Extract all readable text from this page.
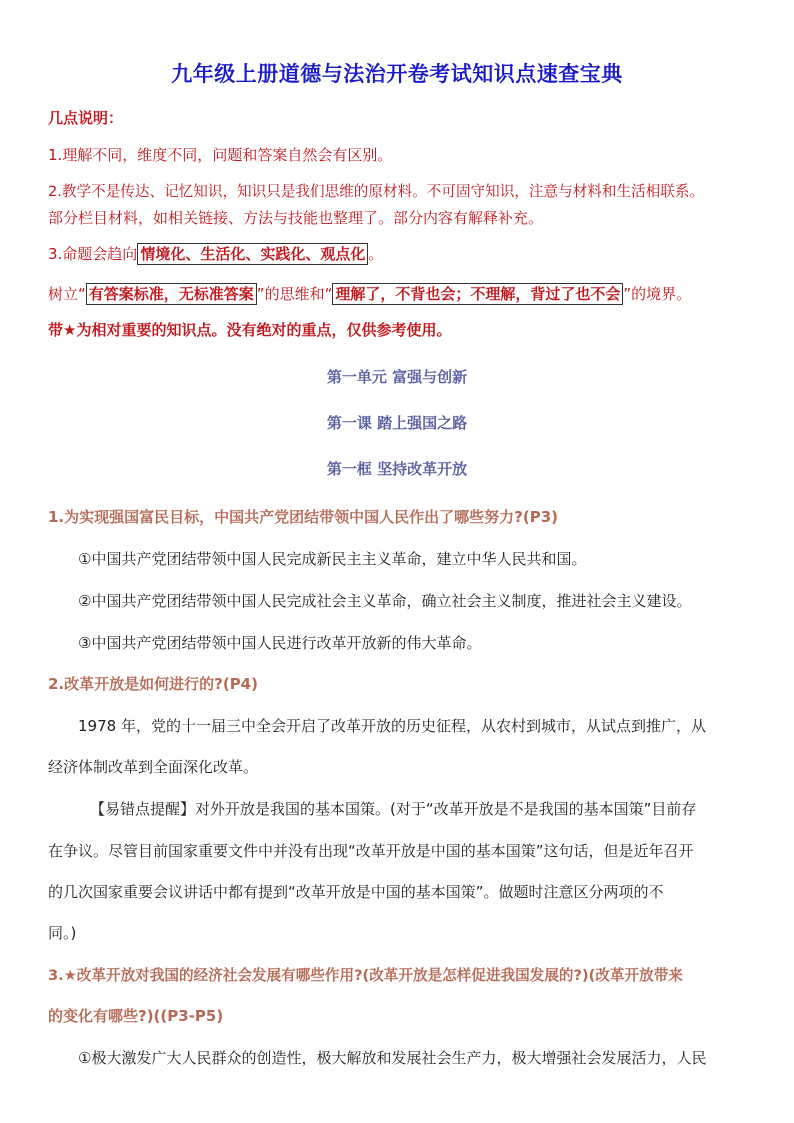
九年级上册道德与法治开卷考试知识点速查宝典
几点说明：
1.理解不同，维度不同，问题和答案自然会有区别。
2.教学不是传达、记忆知识，知识只是我们思维的原材料。不可固守知识，注意与材料和生活相联系。
部分栏目材料，如相关链接、方法与技能也整理了。部分内容有解释补充。
3.命题会趋向 情境化、生活化、实践化、观点化 。
树立“ 有答案标准，无标准答案 ”的思维和“ 理解了，不背也会；不理解，背过了也不会 ”的境界。
带★为相对重要的知识点。没有绝对的重点，仅供参考使用。
第一单元 富强与创新
第一课 踏上强国之路
第一框 坚持改革开放
1.为实现强国富民目标，中国共产党团结带领中国人民作出了哪些努力?(P3)
①中国共产党团结带领中国人民完成新民主主义革命，建立中华人民共和国。
②中国共产党团结带领中国人民完成社会主义革命，确立社会主义制度，推进社会主义建设。
③中国共产党团结带领中国人民进行改革开放新的伟大革命。
2.改革开放是如何进行的?(P4)
1978 年，党的十一届三中全会开启了改革开放的历史征程，从农村到城市，从试点到推广，从
经济体制改革到全面深化改革。
【易错点提醒】对外开放是我国的基本国策。(对于“改革开放是不是我国的基本国策”目前存
在争议。尽管目前国家重要文件中并没有出现“改革开放是中国的基本国策”这句话，但是近年召开
的几次国家重要会议讲话中都有提到“改革开放是中国的基本国策”。做题时注意区分两项的不
同。)
3.★改革开放对我国的经济社会发展有哪些作用?(改革开放是怎样促进我国发展的?)(改革开放带来
的变化有哪些?)((P3-P5)
①极大激发广大人民群众的创造性，极大解放和发展社会生产力，极大增强社会发展活力，人民
